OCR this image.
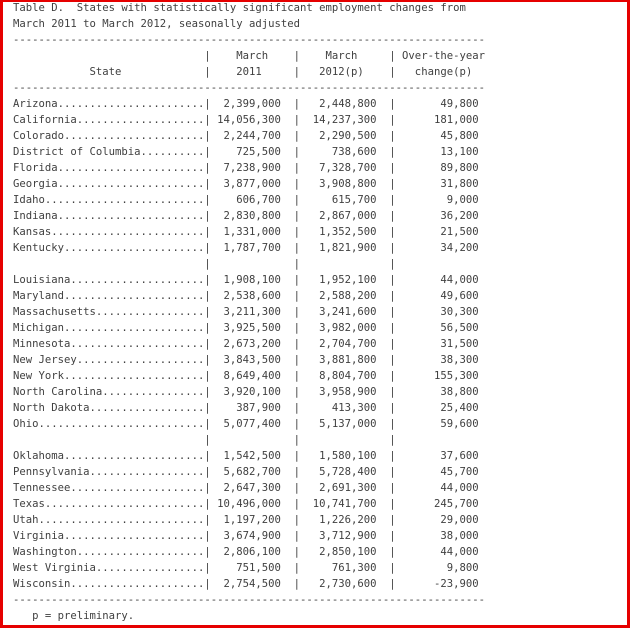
Table D.  States with statistically significant employment changes from
March 2011 to March 2012, seasonally adjusted
--------------------------------------------------------------------------
|    March    |    March     | Over-the-year
State             |    2011     |   2012(p)    |   change(p)
--------------------------------------------------------------------------
Arizona.......................|  2,399,000  |   2,448,800  |       49,800
California....................| 14,056,300  |  14,237,300  |      181,000
Colorado......................|  2,244,700  |   2,290,500  |       45,800
District of Columbia..........|    725,500  |     738,600  |       13,100
Florida.......................|  7,238,900  |   7,328,700  |       89,800
Georgia.......................|  3,877,000  |   3,908,800  |       31,800
Idaho.........................|    606,700  |     615,700  |        9,000
Indiana.......................|  2,830,800  |   2,867,000  |       36,200
Kansas........................|  1,331,000  |   1,352,500  |       21,500
Kentucky......................|  1,787,700  |   1,821,900  |       34,200
|             |              |
Louisiana.....................|  1,908,100  |   1,952,100  |       44,000
Maryland......................|  2,538,600  |   2,588,200  |       49,600
Massachusetts.................|  3,211,300  |   3,241,600  |       30,300
Michigan......................|  3,925,500  |   3,982,000  |       56,500
Minnesota.....................|  2,673,200  |   2,704,700  |       31,500
New Jersey....................|  3,843,500  |   3,881,800  |       38,300
New York......................|  8,649,400  |   8,804,700  |      155,300
North Carolina................|  3,920,100  |   3,958,900  |       38,800
North Dakota..................|    387,900  |     413,300  |       25,400
Ohio..........................|  5,077,400  |   5,137,000  |       59,600
|             |              |
Oklahoma......................|  1,542,500  |   1,580,100  |       37,600
Pennsylvania..................|  5,682,700  |   5,728,400  |       45,700
Tennessee.....................|  2,647,300  |   2,691,300  |       44,000
Texas.........................| 10,496,000  |  10,741,700  |      245,700
Utah..........................|  1,197,200  |   1,226,200  |       29,000
Virginia......................|  3,674,900  |   3,712,900  |       38,000
Washington....................|  2,806,100  |   2,850,100  |       44,000
West Virginia.................|    751,500  |     761,300  |        9,800
Wisconsin.....................|  2,754,500  |   2,730,600  |      -23,900
--------------------------------------------------------------------------
p = preliminary.
